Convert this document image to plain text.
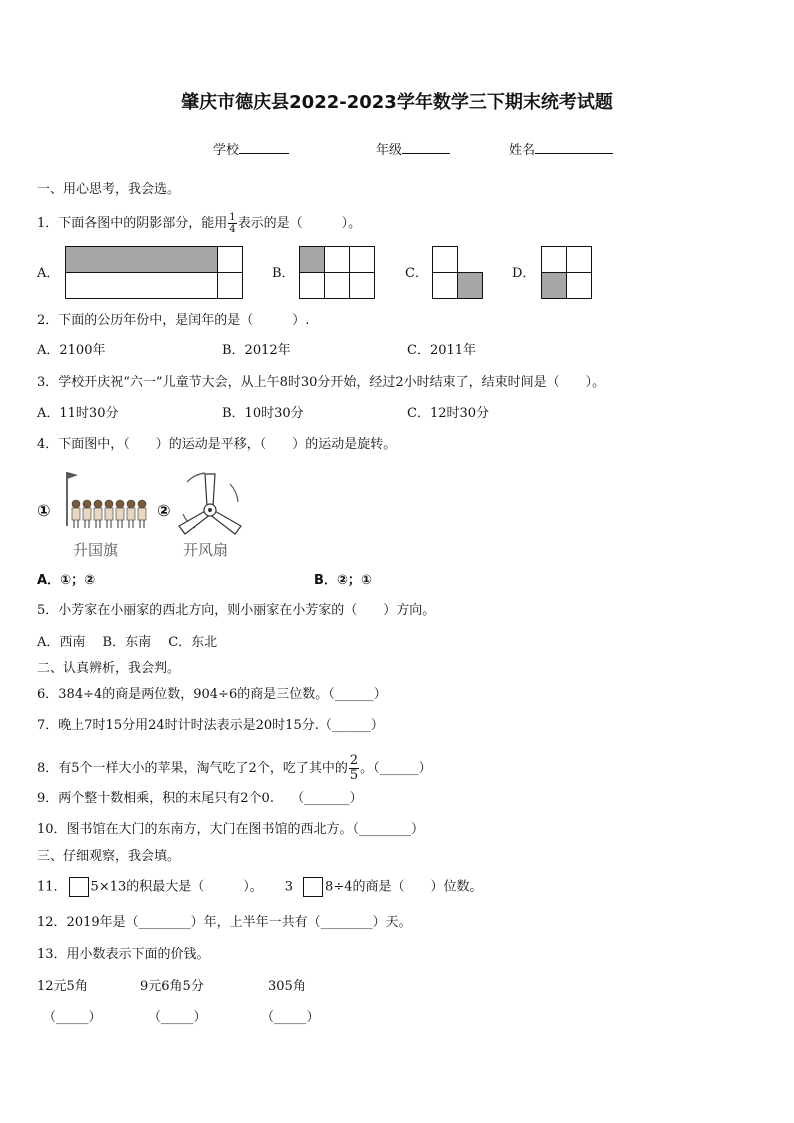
肇庆市德庆县2022-2023学年数学三下期末统考试题
学校	年级	姓名
一、用心思考，我会选。
1．下面各图中的阴影部分，能用 $\frac{1}{4}$ 表示的是（　　　）。
A．	B．	C．	D．
2．下面的公历年份中，是闰年的是（　　　）.
A．2100年	B．2012年	C．2011年
3．学校开庆祝“六一”儿童节大会，从上午8时30分开始，经过2小时结束了，结束时间是（　　）。
A．11时30分	B．10时30分	C．12时30分
4．下面图中，（　　）的运动是平移，（　　）的运动是旋转。
①
升国旗
②
开风扇
A．①；②	B．②；①
5．小芳家在小丽家的西北方向，则小丽家在小芳家的（　　）方向。
A．西南　 B．东南　 C．东北
二、认真辨析，我会判。
6．384÷4的商是两位数，904÷6的商是三位数。（______）
7．晚上7时15分用24时计时法表示是20时15分.（______）
8．有5个一样大小的苹果，淘气吃了2个，吃了其中的 $\frac{2}{5}$ 。（______）
9．两个整十数相乘，积的末尾只有2个0.　 （_______）
10．图书馆在大门的东南方，大门在图书馆的西北方。（________）
三、仔细观察，我会填。
11． 5×13的积最大是（　　　）。 3 8÷4的商是（　　）位数。
12．2019年是（________）年，上半年一共有（________）天。
13．用小数表示下面的价钱。
12元5角	9元6角5分	305角
（_____）	（_____）	（_____）
